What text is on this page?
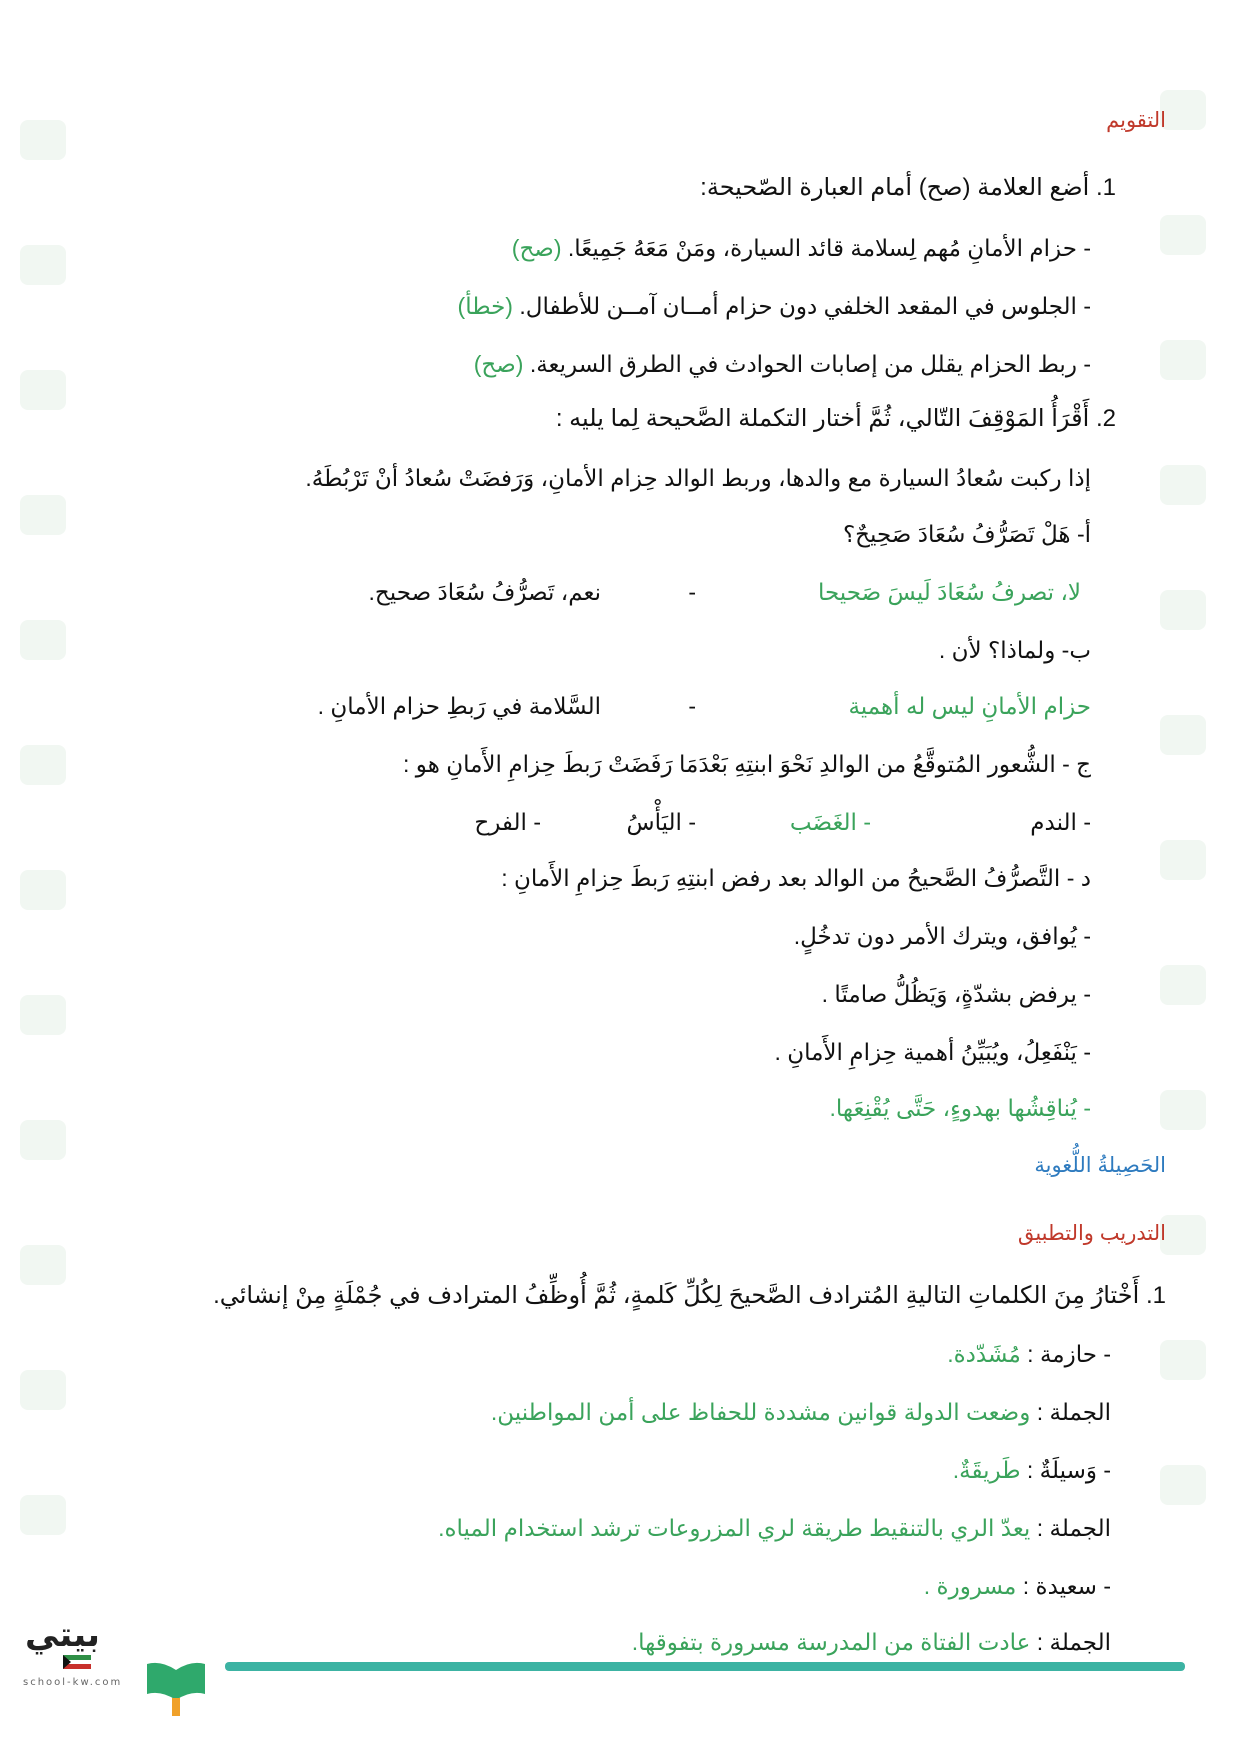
التقويم
1. أضع العلامة (صح) أمام العبارة الصّحيحة:
- حزام الأمانِ مُهم لِسلامة قائد السيارة، ومَنْ مَعَهُ جَمِيعًا. (صح)
- الجلوس في المقعد الخلفي دون حزام أمــان آمــن للأطفال. (خطأ)
- ربط الحزام يقلل من إصابات الحوادث في الطرق السريعة. (صح)
2. أَقْرَأُ المَوْقِفَ التّالي، ثُمَّ أختار التكملة الصَّحيحة لِما يليه :
إذا ركبت سُعادُ السيارة مع والدها، وربط الوالد حِزام الأمانِ، وَرَفضَتْ سُعادُ أنْ تَرْبُطَهُ.
أ- هَلْ تَصَرُّفُ سُعَادَ صَحِيحٌ؟
لا، تصرفُ سُعَادَ لَيسَ صَحيحا
-
نعم، تَصرُّفُ سُعَادَ صحيح.
ب- ولماذا؟ لأن .
حزام الأمانِ ليس له أهمية
-
السَّلامة في رَبطِ حزام الأمانِ .
ج - الشُّعور المُتوقَّعُ من الوالدِ نَحْوَ ابنتِهِ بَعْدَمَا رَفَضَتْ رَبطَ حِزامِ الأَمانِ هو :
- الندم
- الغَضَب
- اليَأْسُ
- الفرح
د - التَّصرُّفُ الصَّحيحُ من الوالد بعد رفض ابنتِهِ رَبطَ حِزامِ الأَمانِ :
- يُوافق، ويترك الأمر دون تدخُلٍ.
- يرفض بشدّةٍ، وَيَظُلُّ صامتًا .
- يَنْفَعِلُ، ويُبَيِّنُ أهمية حِزامِ الأَمانِ .
- يُناقِشُها بهدوءٍ، حَتَّى يُقْنِعَها.
الحَصِيلةُ اللُّغوية
التدريب والتطبيق
1. أَخْتارُ مِنَ الكلماتِ التاليةِ المُترادف الصَّحيحَ لِكُلِّ كَلمةٍ، ثُمَّ أُوظِّفُ المترادف في جُمْلَةٍ مِنْ إنشائي.
- حازمة : مُشَدّدة.
الجملة : وضعت الدولة قوانين مشددة للحفاظ على أمن المواطنين.
- وَسيلَةٌ : طَريقَةٌ.
الجملة : يعدّ الري بالتنقيط طريقة لري المزروعات ترشد استخدام المياه.
- سعيدة : مسرورة .
الجملة : عادت الفتاة من المدرسة مسرورة بتفوقها.
بيتي
school-kw.com
